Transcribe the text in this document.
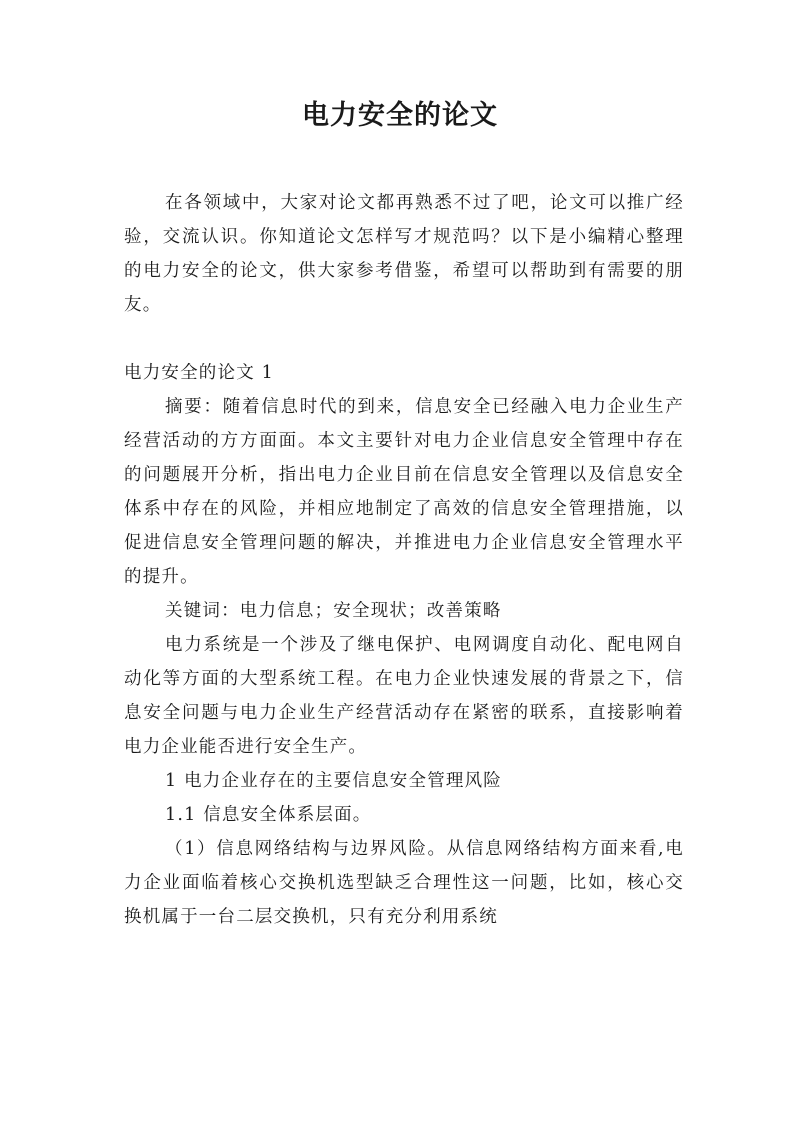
电力安全的论文

在各领域中，大家对论文都再熟悉不过了吧，论文可以推广经验，交流认识。你知道论文怎样写才规范吗？以下是小编精心整理的电力安全的论文，供大家参考借鉴，希望可以帮助到有需要的朋友。

电力安全的论文 1

摘要：随着信息时代的到来，信息安全已经融入电力企业生产经营活动的方方面面。本文主要针对电力企业信息安全管理中存在的问题展开分析，指出电力企业目前在信息安全管理以及信息安全体系中存在的风险，并相应地制定了高效的信息安全管理措施，以促进信息安全管理问题的解决，并推进电力企业信息安全管理水平的提升。

关键词：电力信息；安全现状；改善策略

电力系统是一个涉及了继电保护、电网调度自动化、配电网自动化等方面的大型系统工程。在电力企业快速发展的背景之下，信息安全问题与电力企业生产经营活动存在紧密的联系，直接影响着电力企业能否进行安全生产。

1 电力企业存在的主要信息安全管理风险

1.1 信息安全体系层面。

（1）信息网络结构与边界风险。从信息网络结构方面来看,电力企业面临着核心交换机选型缺乏合理性这一问题，比如，核心交换机属于一台二层交换机，只有充分利用系统
